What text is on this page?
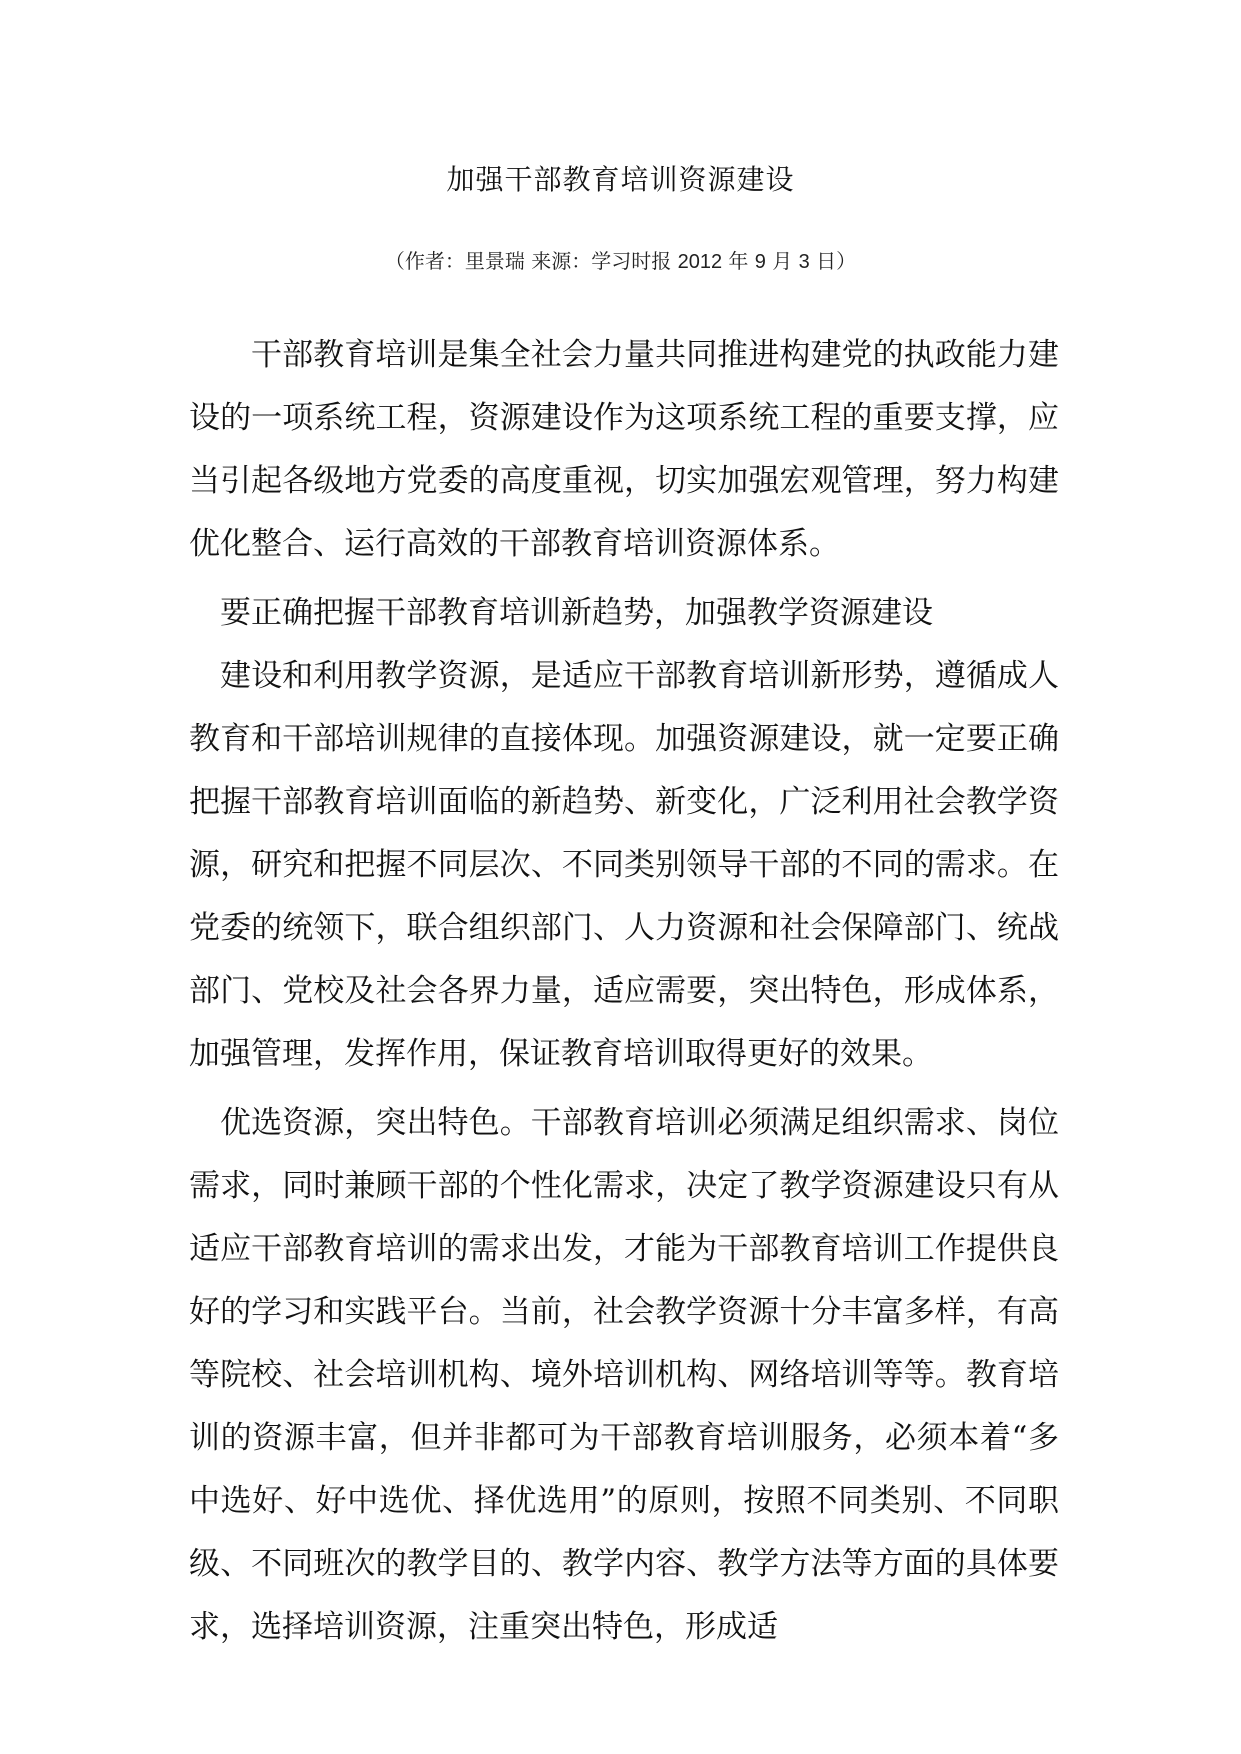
加强干部教育培训资源建设
（作者：里景瑞 来源：学习时报 2012 年 9 月 3 日）

干部教育培训是集全社会力量共同推进构建党的执政能力建设的一项系统工程，资源建设作为这项系统工程的重要支撑，应当引起各级地方党委的高度重视，切实加强宏观管理，努力构建优化整合、运行高效的干部教育培训资源体系。

要正确把握干部教育培训新趋势，加强教学资源建设

建设和利用教学资源，是适应干部教育培训新形势，遵循成人教育和干部培训规律的直接体现。加强资源建设，就一定要正确把握干部教育培训面临的新趋势、新变化，广泛利用社会教学资源，研究和把握不同层次、不同类别领导干部的不同的需求。在党委的统领下，联合组织部门、人力资源和社会保障部门、统战部门、党校及社会各界力量，适应需要，突出特色，形成体系，加强管理，发挥作用，保证教育培训取得更好的效果。

优选资源，突出特色。干部教育培训必须满足组织需求、岗位需求，同时兼顾干部的个性化需求，决定了教学资源建设只有从适应干部教育培训的需求出发，才能为干部教育培训工作提供良好的学习和实践平台。当前，社会教学资源十分丰富多样，有高等院校、社会培训机构、境外培训机构、网络培训等等。教育培训的资源丰富，但并非都可为干部教育培训服务，必须本着“多中选好、好中选优、择优选用”的原则，按照不同类别、不同职级、不同班次的教学目的、教学内容、教学方法等方面的具体要求，选择培训资源，注重突出特色，形成适
